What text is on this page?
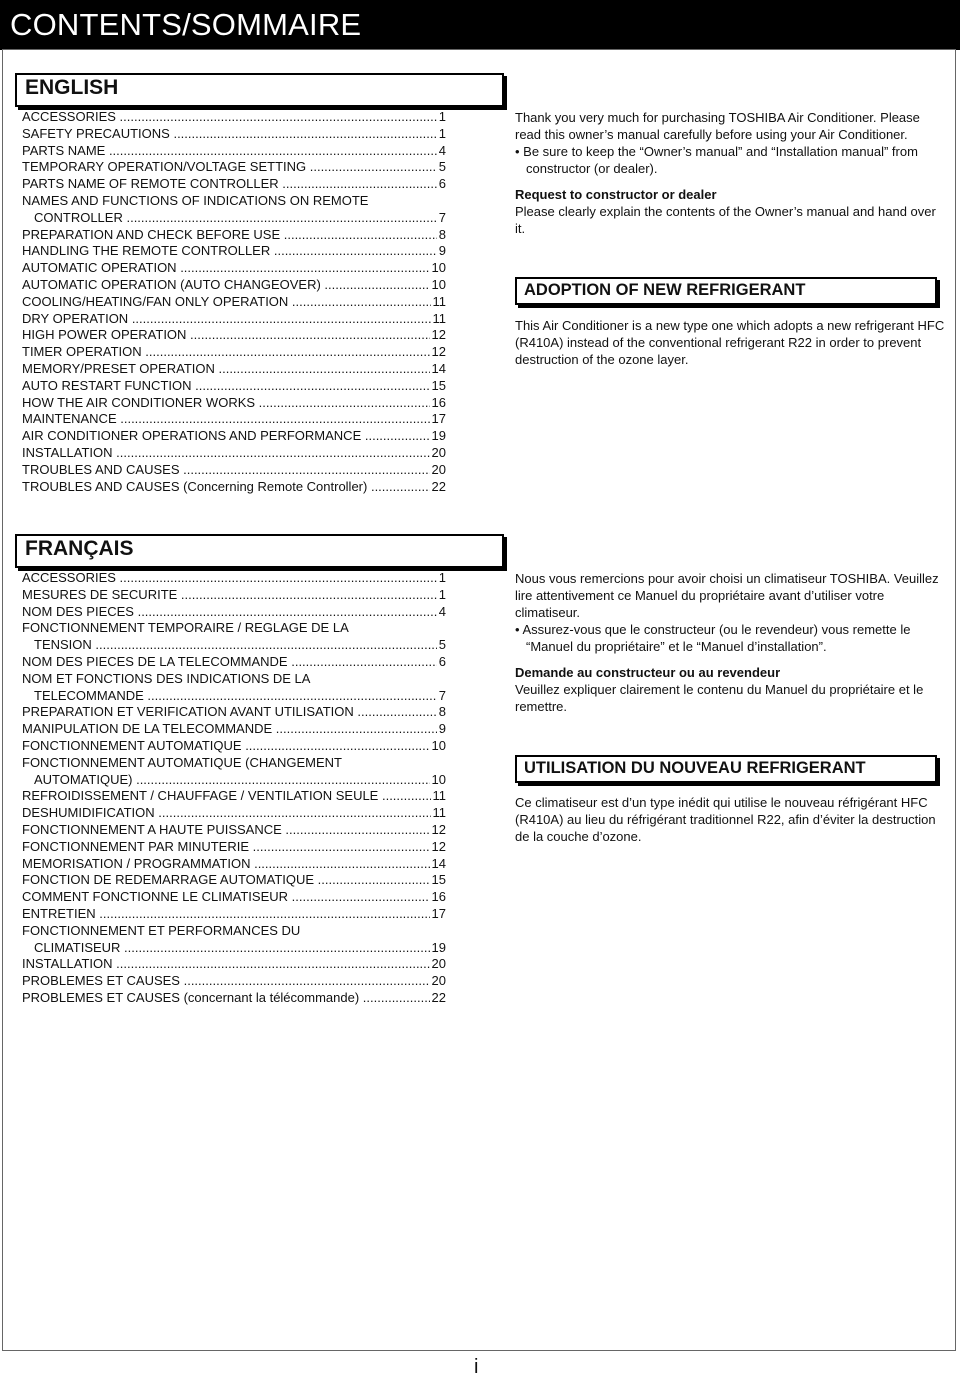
CONTENTS/SOMMAIRE
ENGLISH
ACCESSORIES .....	1
SAFETY PRECAUTIONS .....	1
PARTS NAME .....	4
TEMPORARY OPERATION/VOLTAGE SETTING .....	5
PARTS NAME OF REMOTE CONTROLLER .....	6
NAMES AND FUNCTIONS OF INDICATIONS ON REMOTE
CONTROLLER .....	7
PREPARATION AND CHECK BEFORE USE .....	8
HANDLING THE REMOTE CONTROLLER .....	9
AUTOMATIC OPERATION .....	10
AUTOMATIC OPERATION (AUTO CHANGEOVER) .....	10
COOLING/HEATING/FAN ONLY OPERATION .....	11
DRY OPERATION .....	11
HIGH POWER OPERATION .....	12
TIMER OPERATION .....	12
MEMORY/PRESET OPERATION .....	14
AUTO RESTART FUNCTION .....	15
HOW THE AIR CONDITIONER WORKS .....	16
MAINTENANCE .....	17
AIR CONDITIONER OPERATIONS AND PERFORMANCE .....	19
INSTALLATION .....	20
TROUBLES AND CAUSES .....	20
TROUBLES AND CAUSES (Concerning Remote Controller) .....	22

Thank you very much for purchasing TOSHIBA Air Conditioner. Please read this owner’s manual carefully before using your Air Conditioner.

• Be sure to keep the “Owner’s manual” and “Installation manual” from constructor (or dealer).

Request to constructor or dealer

Please clearly explain the contents of the Owner’s manual and hand over it.

ADOPTION OF NEW REFRIGERANT

This Air Conditioner is a new type one which adopts a new refrigerant HFC (R410A) instead of the conventional refrigerant R22 in order to prevent destruction of the ozone layer.

FRANÇAIS
ACCESSORIES .....	1
MESURES DE SECURITE .....	1
NOM DES PIECES .....	4
FONCTIONNEMENT TEMPORAIRE / REGLAGE DE LA
TENSION .....	5
NOM DES PIECES DE LA TELECOMMANDE .....	6
NOM ET FONCTIONS DES INDICATIONS DE LA
TELECOMMANDE .....	7
PREPARATION ET VERIFICATION AVANT UTILISATION .....	8
MANIPULATION DE LA TELECOMMANDE .....	9
FONCTIONNEMENT AUTOMATIQUE .....	10
FONCTIONNEMENT AUTOMATIQUE (CHANGEMENT
AUTOMATIQUE) .....	10
REFROIDISSEMENT / CHAUFFAGE / VENTILATION SEULE .....	11
DESHUMIDIFICATION .....	11
FONCTIONNEMENT A HAUTE PUISSANCE .....	12
FONCTIONNEMENT PAR MINUTERIE .....	12
MEMORISATION / PROGRAMMATION .....	14
FONCTION DE REDEMARRAGE AUTOMATIQUE .....	15
COMMENT FONCTIONNE LE CLIMATISEUR .....	16
ENTRETIEN .....	17
FONCTIONNEMENT ET PERFORMANCES DU
CLIMATISEUR .....	19
INSTALLATION .....	20
PROBLEMES ET CAUSES .....	20
PROBLEMES ET CAUSES (concernant la télécommande) .....	22

Nous vous remercions pour avoir choisi un climatiseur TOSHIBA. Veuillez lire attentivement ce Manuel du propriétaire avant d’utiliser votre climatiseur.

• Assurez-vous que le constructeur (ou le revendeur) vous remette le “Manuel du propriétaire” et le “Manuel d’installation”.

Demande au constructeur ou au revendeur

Veuillez expliquer clairement le contenu du Manuel du propriétaire et le remettre.

UTILISATION DU NOUVEAU REFRIGERANT

Ce climatiseur est d’un type inédit qui utilise le nouveau réfrigérant HFC (R410A) au lieu du réfrigérant traditionnel R22, afin d’éviter la destruction de la couche d’ozone.

i
